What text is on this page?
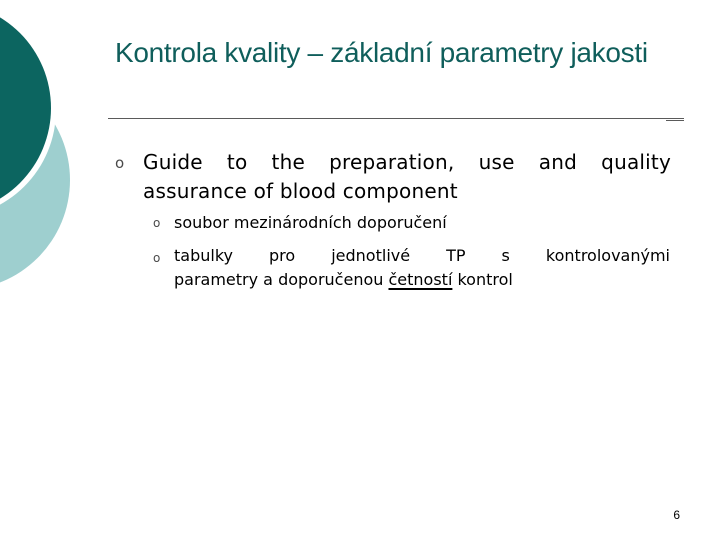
Kontrola kvality – základní parametry jakosti
o Guide to the preparation, use and quality assurance of blood component
o soubor mezinárodních doporučení
o tabulky pro jednotlivé TP s kontrolovanými
parametry a doporučenou četností kontrol
6
